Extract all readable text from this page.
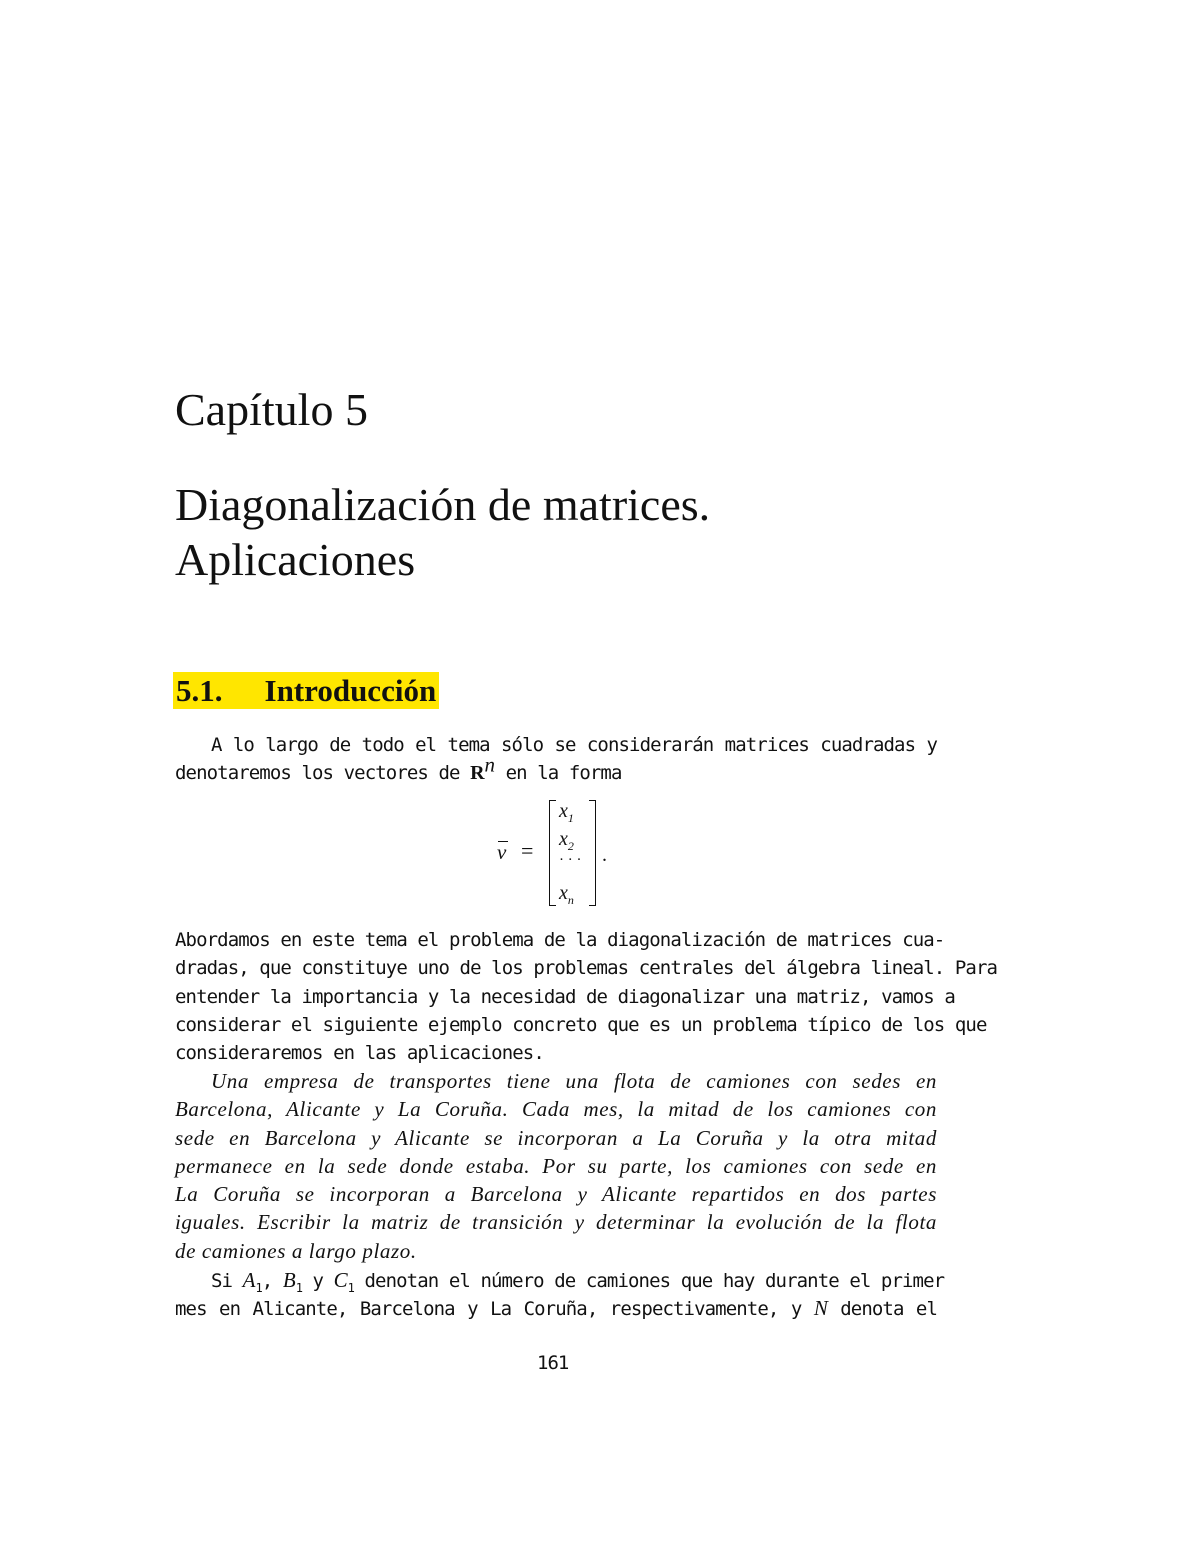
Capítulo 5
Diagonalización de matrices.
Aplicaciones
5.1. Introducción
A lo largo de todo el tema sólo se considerarán matrices cuadradas y
denotaremos los vectores de $R^n$ en la forma
v =
$x_1$
$x_2$
· · ·
$x_n$
.
Abordamos en este tema el problema de la diagonalización de matrices cua-
dradas, que constituye uno de los problemas centrales del álgebra lineal. Para
entender la importancia y la necesidad de diagonalizar una matriz, vamos a
considerar el siguiente ejemplo concreto que es un problema típico de los que
consideraremos en las aplicaciones.
Una empresa de transportes tiene una flota de camiones con sedes en
Barcelona, Alicante y La Coruña. Cada mes, la mitad de los camiones con
sede en Barcelona y Alicante se incorporan a La Coruña y la otra mitad
permanece en la sede donde estaba. Por su parte, los camiones con sede en
La Coruña se incorporan a Barcelona y Alicante repartidos en dos partes
iguales. Escribir la matriz de transición y determinar la evolución de la flota
de camiones a largo plazo.
Si $A_1$, $B_1$ y $C_1$ denotan el número de camiones que hay durante el primer
mes en Alicante, Barcelona y La Coruña, respectivamente, y N denota el
161
